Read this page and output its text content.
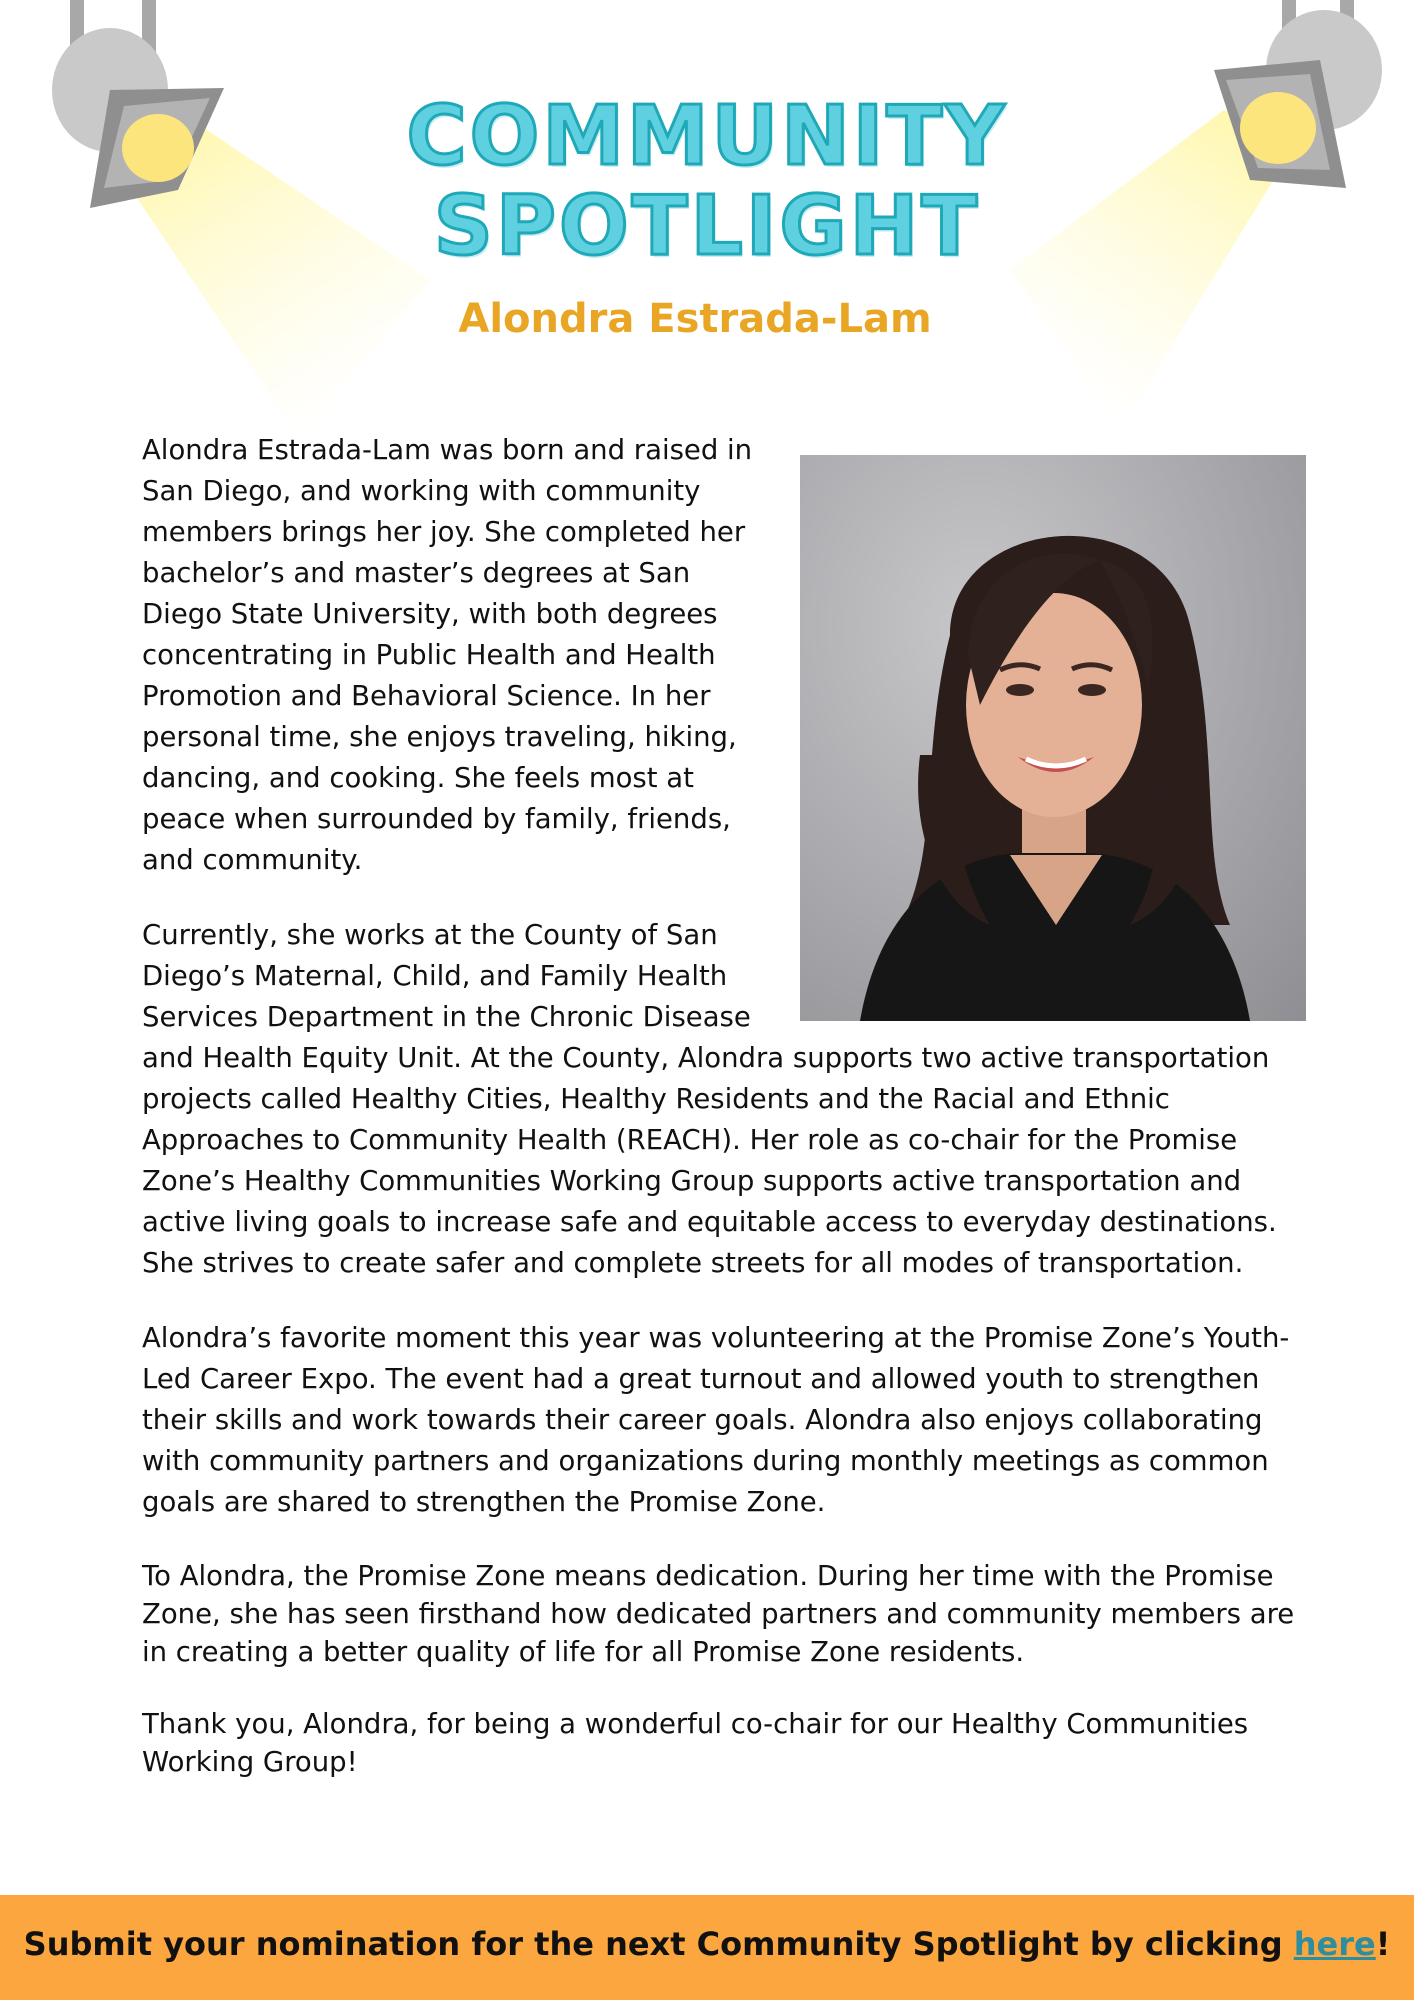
COMMUNITY
SPOTLIGHT
Alondra Estrada-Lam

Alondra Estrada-Lam was born and raised in San Diego, and working with community members brings her joy. She completed her bachelor’s and master’s degrees at San Diego State University, with both degrees concentrating in Public Health and Health Promotion and Behavioral Science. In her personal time, she enjoys traveling, hiking, dancing, and cooking. She feels most at peace when surrounded by family, friends, and community.

Currently, she works at the County of San Diego’s Maternal, Child, and Family Health Services Department in the Chronic Disease and Health Equity Unit. At the County, Alondra supports two active transportation projects called Healthy Cities, Healthy Residents and the Racial and Ethnic Approaches to Community Health (REACH). Her role as co-chair for the Promise Zone’s Healthy Communities Working Group supports active transportation and active living goals to increase safe and equitable access to everyday destinations. She strives to create safer and complete streets for all modes of transportation.

Alondra’s favorite moment this year was volunteering at the Promise Zone’s Youth-Led Career Expo. The event had a great turnout and allowed youth to strengthen their skills and work towards their career goals. Alondra also enjoys collaborating with community partners and organizations during monthly meetings as common goals are shared to strengthen the Promise Zone.

To Alondra, the Promise Zone means dedication. During her time with the Promise Zone, she has seen firsthand how dedicated partners and community members are in creating a better quality of life for all Promise Zone residents.

Thank you, Alondra, for being a wonderful co-chair for our Healthy Communities Working Group!

Submit your nomination for the next Community Spotlight by clicking here!
